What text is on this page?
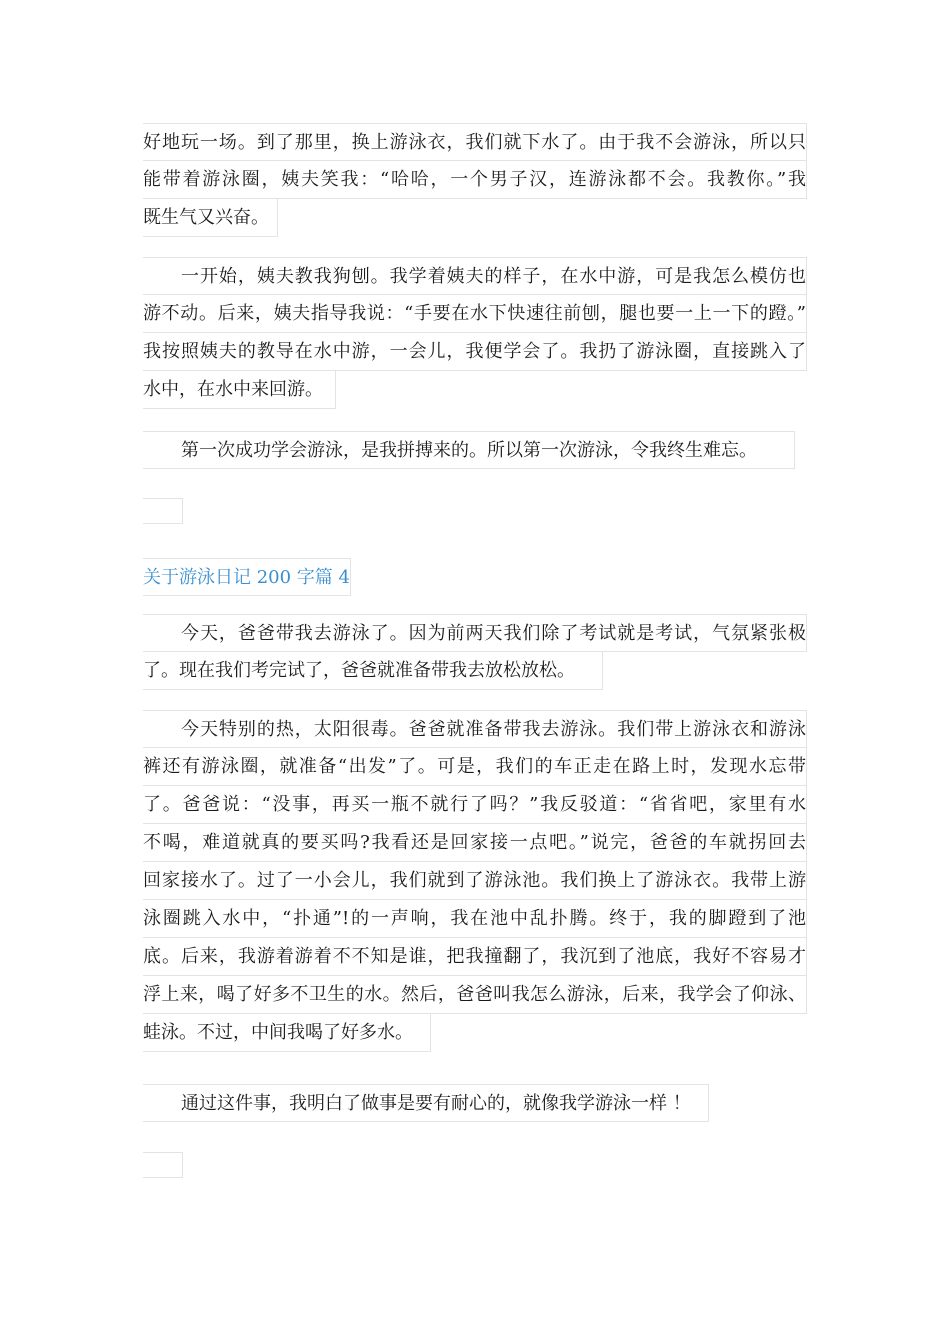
好地玩一场。到了那里，换上游泳衣，我们就下水了。由于我不会游泳，所以只
能带着游泳圈，姨夫笑我：“哈哈，一个男子汉，连游泳都不会。我教你。”我
既生气又兴奋。
一开始，姨夫教我狗刨。我学着姨夫的样子，在水中游，可是我怎么模仿也
游不动。后来，姨夫指导我说：“手要在水下快速往前刨，腿也要一上一下的蹬。”
我按照姨夫的教导在水中游，一会儿，我便学会了。我扔了游泳圈，直接跳入了
水中，在水中来回游。
第一次成功学会游泳，是我拼搏来的。所以第一次游泳，令我终生难忘。
关于游泳日记 200 字篇 4
今天，爸爸带我去游泳了。因为前两天我们除了考试就是考试，气氛紧张极
了。现在我们考完试了，爸爸就准备带我去放松放松。
今天特别的热，太阳很毒。爸爸就准备带我去游泳。我们带上游泳衣和游泳
裤还有游泳圈，就准备“出发”了。可是，我们的车正走在路上时，发现水忘带
了。爸爸说：“没事，再买一瓶不就行了吗？”我反驳道：“省省吧，家里有水
不喝，难道就真的要买吗?我看还是回家接一点吧。”说完，爸爸的车就拐回去
回家接水了。过了一小会儿，我们就到了游泳池。我们换上了游泳衣。我带上游
泳圈跳入水中，“扑通”!的一声响，我在池中乱扑腾。终于，我的脚蹬到了池
底。后来，我游着游着不不知是谁，把我撞翻了，我沉到了池底，我好不容易才
浮上来，喝了好多不卫生的水。然后，爸爸叫我怎么游泳，后来，我学会了仰泳、
蛙泳。不过，中间我喝了好多水。
通过这件事，我明白了做事是要有耐心的，就像我学游泳一样 ！
